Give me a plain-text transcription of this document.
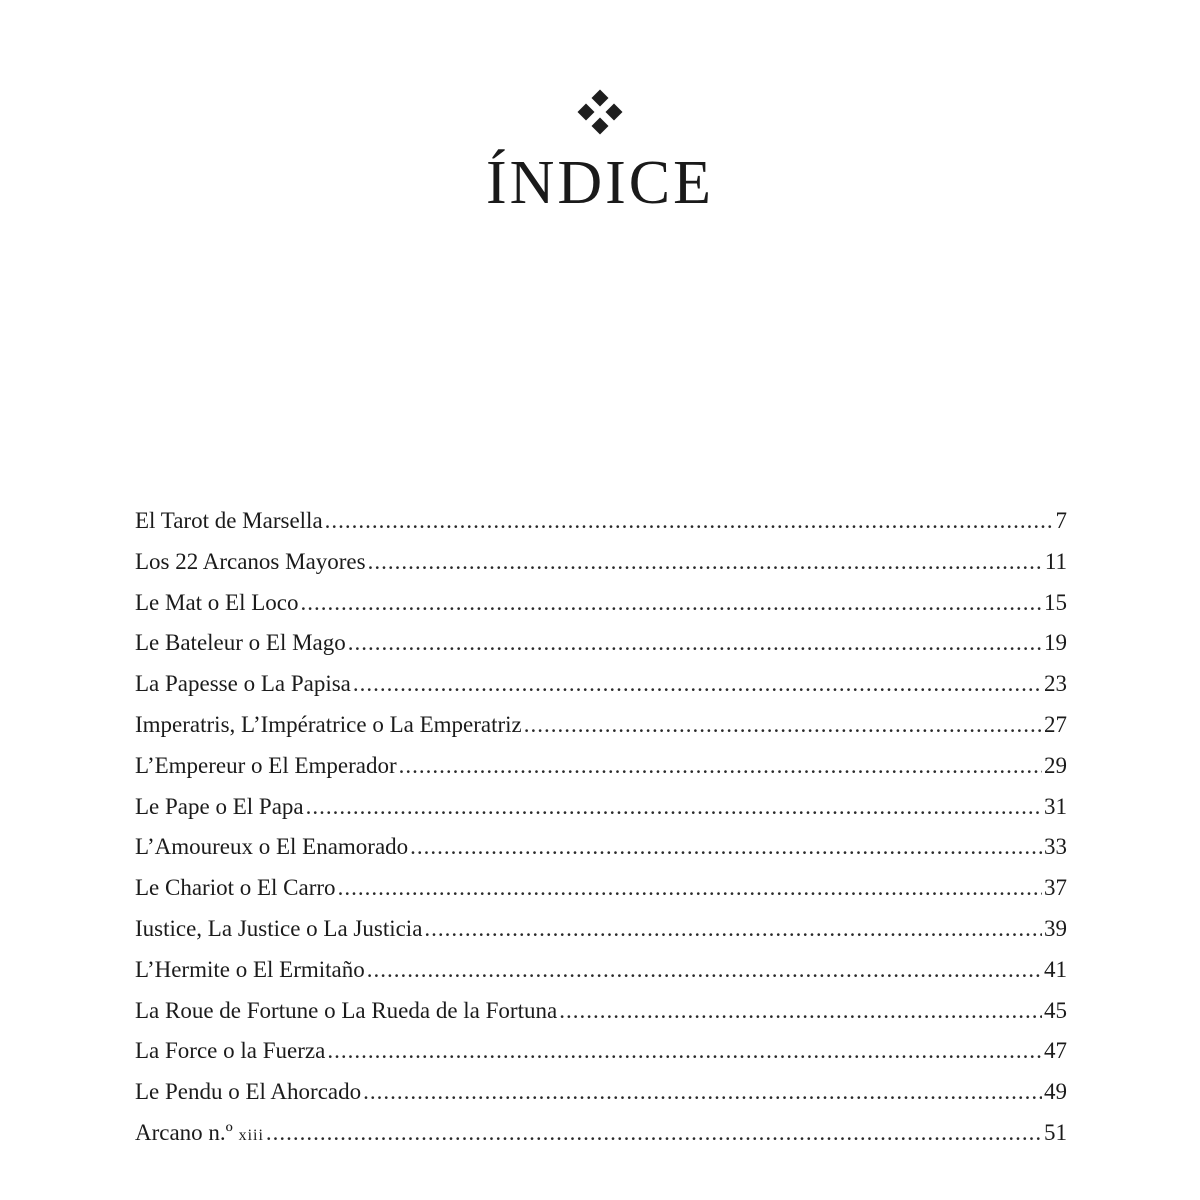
ÍNDICE
El Tarot de Marsella .....	7
Los 22 Arcanos Mayores .....	11
Le Mat o El Loco .....	15
Le Bateleur o El Mago .....	19
La Papesse o La Papisa .....	23
Imperatris, L’Impératrice o La Emperatriz .....	27
L’Empereur o El Emperador .....	29
Le Pape o El Papa .....	31
L’Amoureux o El Enamorado .....	33
Le Chariot o El Carro .....	37
Iustice, La Justice o La Justicia .....	39
L’Hermite o El Ermitaño .....	41
La Roue de Fortune o La Rueda de la Fortuna .....	45
La Force o la Fuerza .....	47
Le Pendu o El Ahorcado .....	49
Arcano n.º xiii .....	51
